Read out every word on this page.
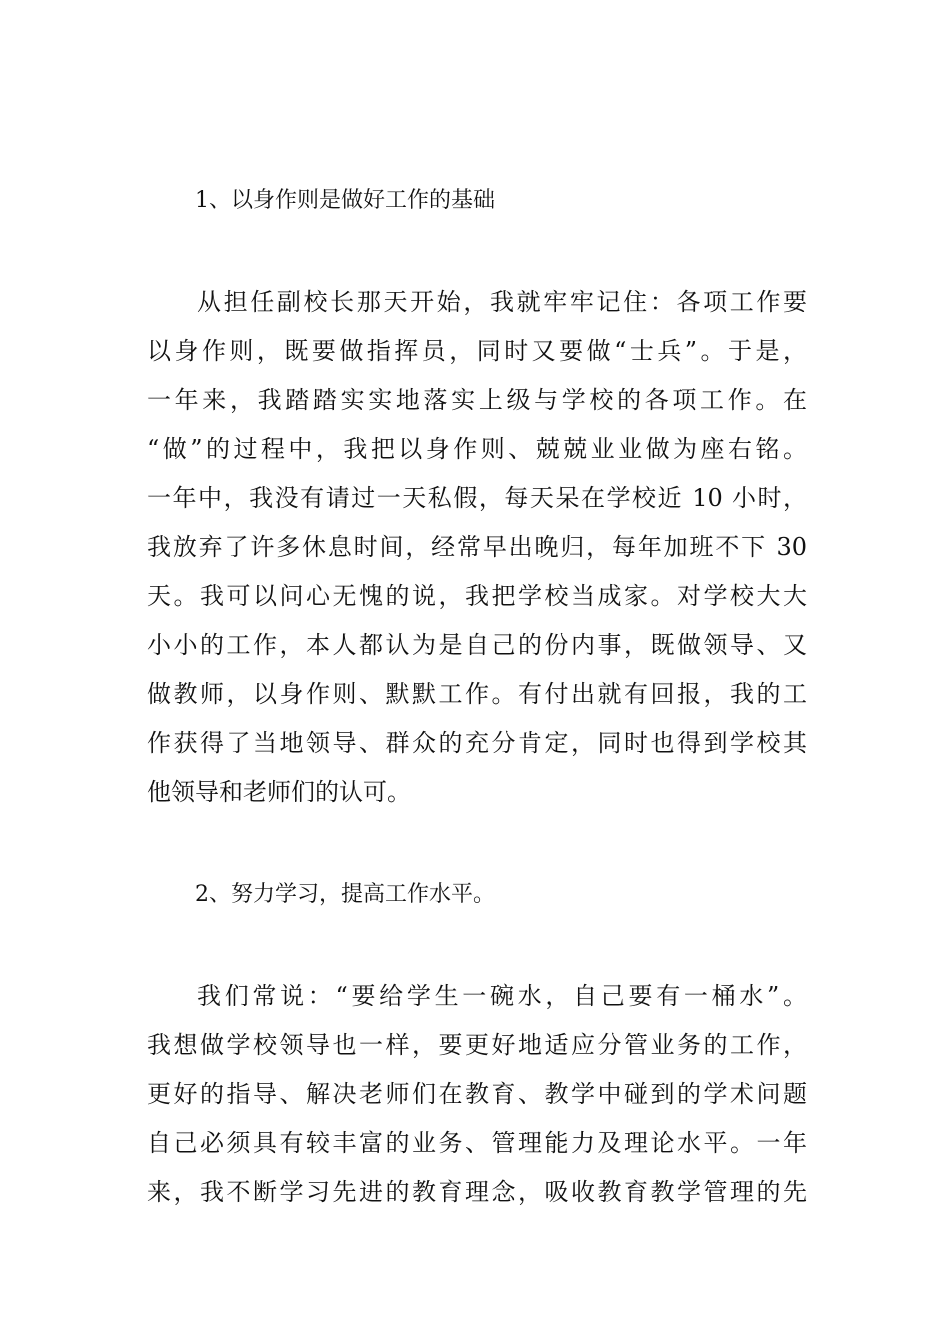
1、以身作则是做好工作的基础
从担任副校长那天开始，我就牢牢记住：各项工作要
以身作则，既要做指挥员，同时又要做“士兵”。于是，
一年来，我踏踏实实地落实上级与学校的各项工作。在
“做”的过程中，我把以身作则、兢兢业业做为座右铭。
一年中，我没有请过一天私假，每天呆在学校近 10 小时，
我放弃了许多休息时间，经常早出晚归，每年加班不下 30
天。我可以问心无愧的说，我把学校当成家。对学校大大
小小的工作，本人都认为是自己的份内事，既做领导、又
做教师，以身作则、默默工作。有付出就有回报，我的工
作获得了当地领导、群众的充分肯定，同时也得到学校其
他领导和老师们的认可。
2、努力学习，提高工作水平。
我们常说：“要给学生一碗水，自己要有一桶水”。
我想做学校领导也一样，要更好地适应分管业务的工作，
更好的指导、解决老师们在教育、教学中碰到的学术问题
自己必须具有较丰富的业务、管理能力及理论水平。一年
来，我不断学习先进的教育理念，吸收教育教学管理的先
